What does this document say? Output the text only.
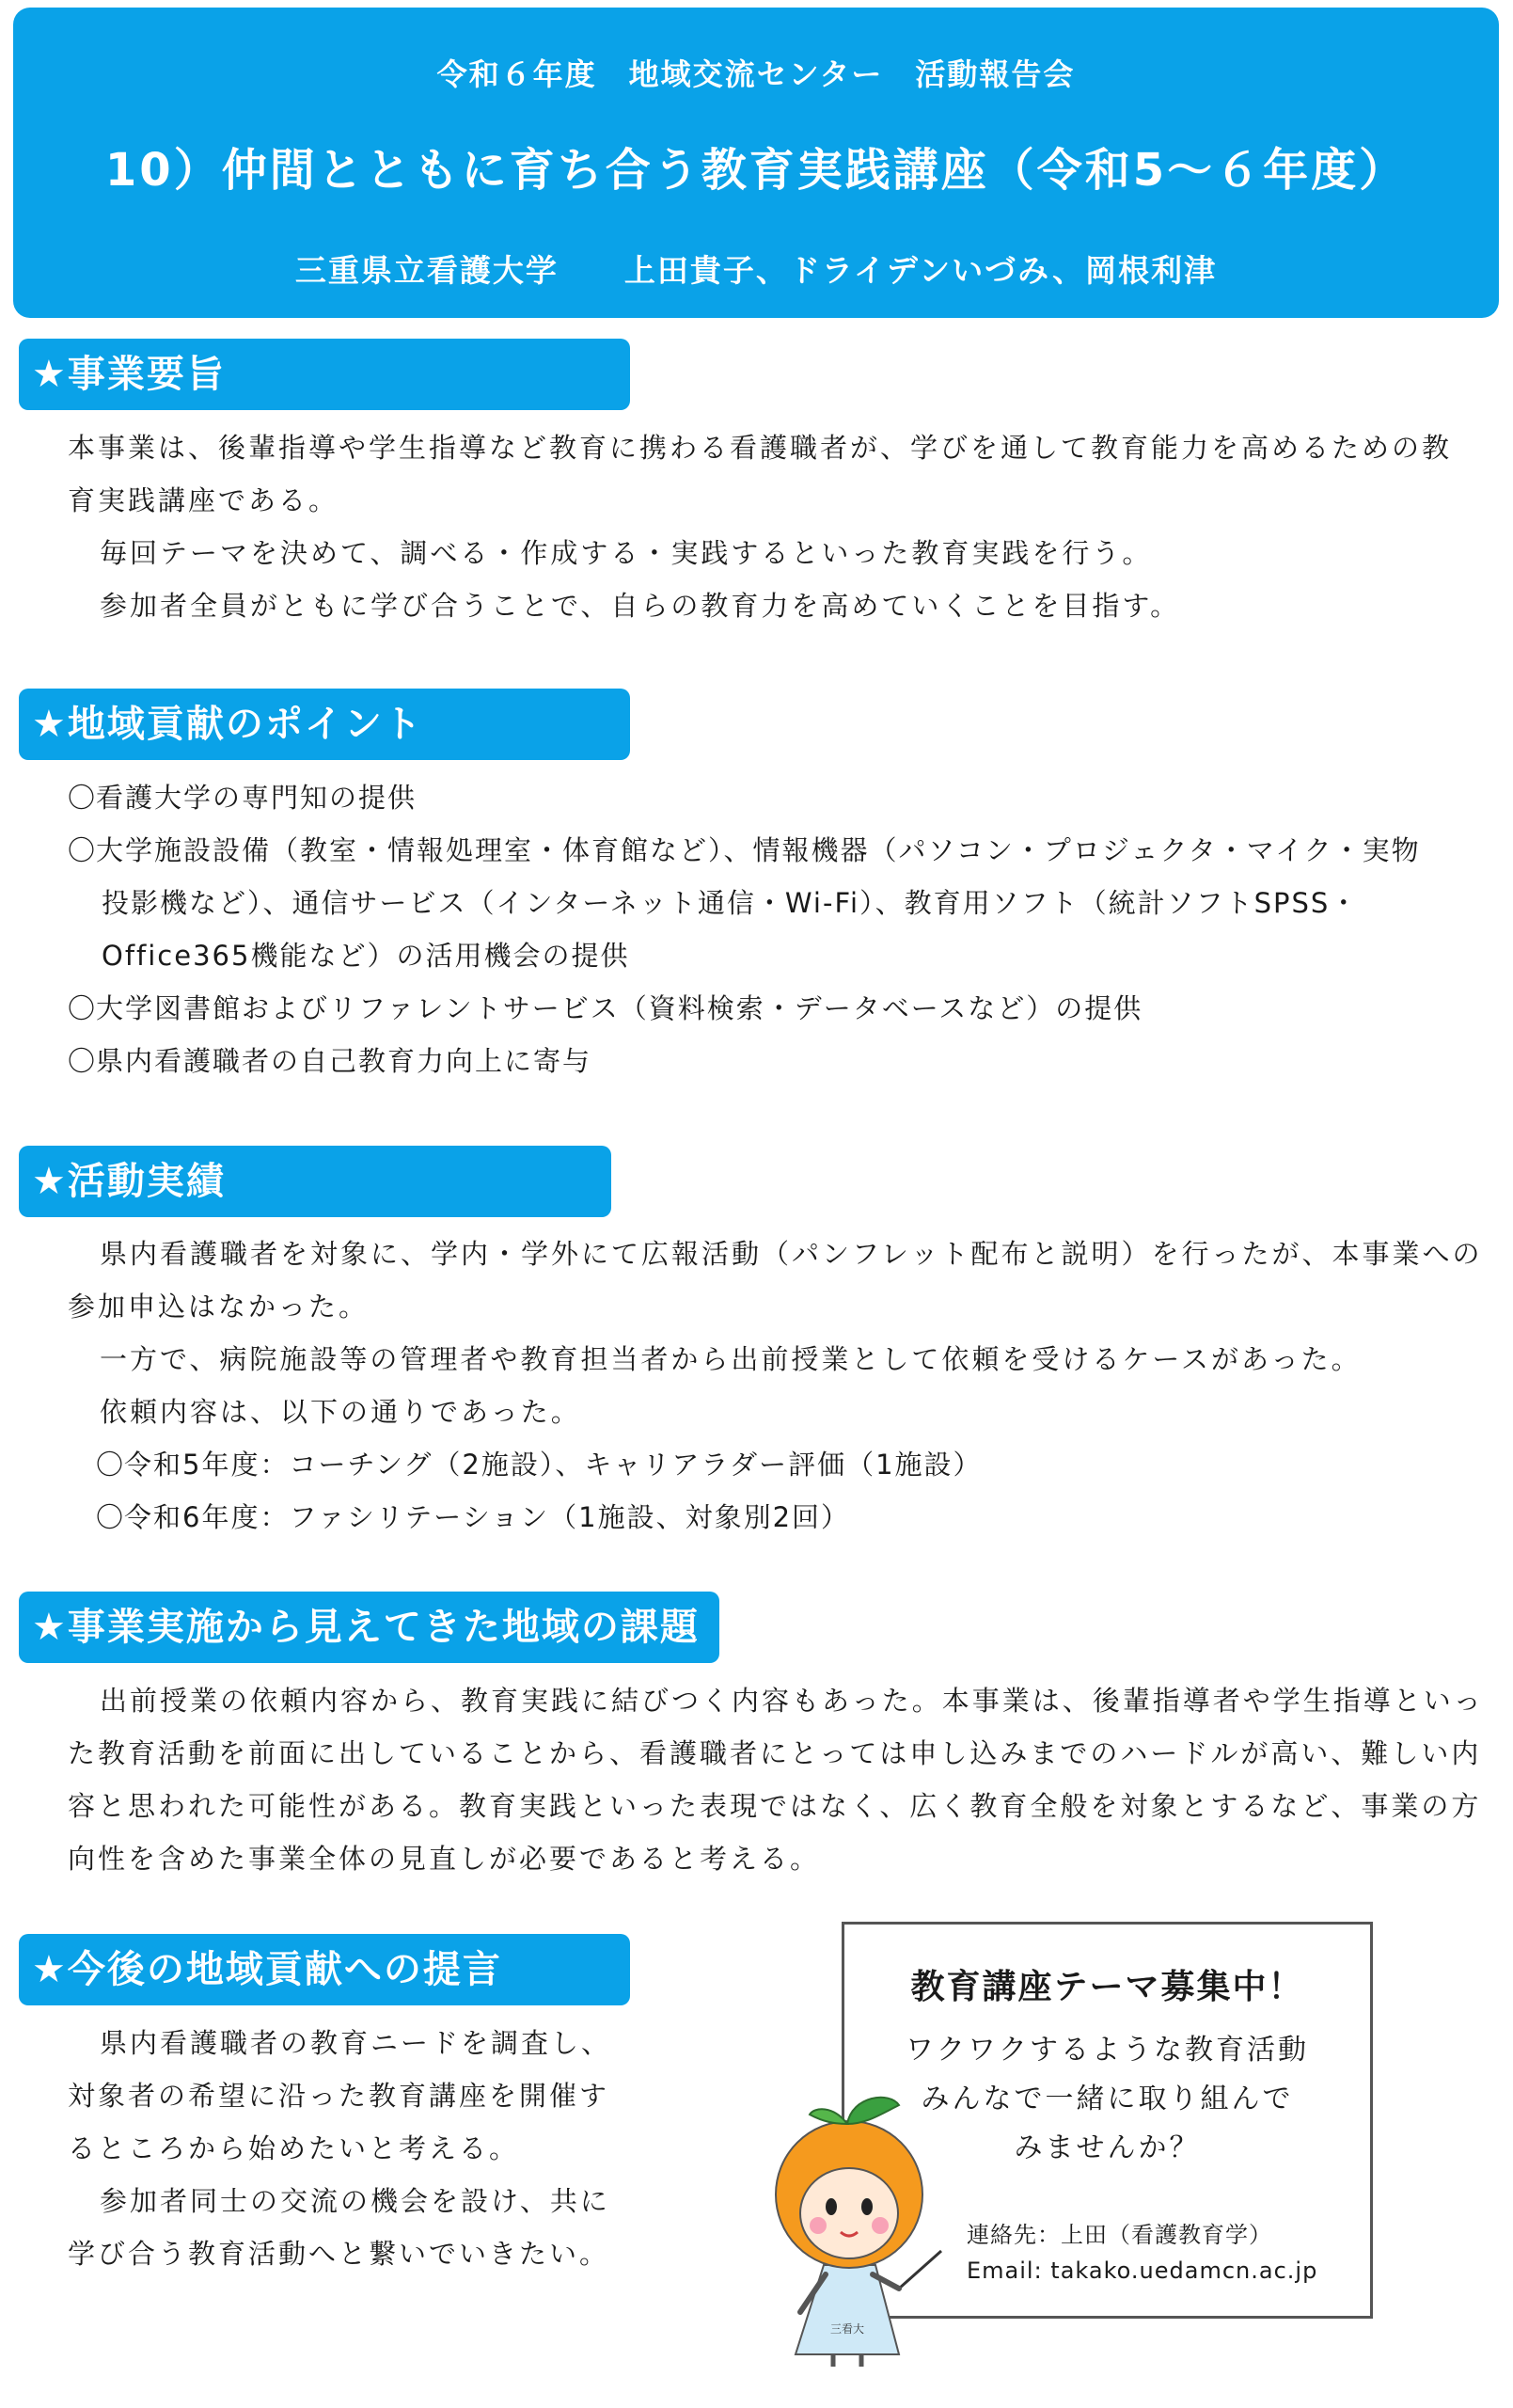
令和６年度　地域交流センター　活動報告会
10）仲間とともに育ち合う教育実践講座（令和5～６年度）
三重県立看護大学　　上田貴子、ドライデンいづみ、岡根利津
★事業要旨
本事業は、後輩指導や学生指導など教育に携わる看護職者が、学びを通して教育能力を高めるための教
育実践講座である。
毎回テーマを決めて、調べる・作成する・実践するといった教育実践を行う。
参加者全員がともに学び合うことで、自らの教育力を高めていくことを目指す。
★地域貢献のポイント
〇看護大学の専門知の提供
〇大学施設設備（教室・情報処理室・体育館など）、情報機器（パソコン・プロジェクタ・マイク・実物
投影機など）、通信サービス（インターネット通信・Wi-Fi）、教育用ソフト（統計ソフトSPSS・
Office365機能など）の活用機会の提供
〇大学図書館およびリファレントサービス（資料検索・データベースなど）の提供
〇県内看護職者の自己教育力向上に寄与
★活動実績
県内看護職者を対象に、学内・学外にて広報活動（パンフレット配布と説明）を行ったが、本事業への
参加申込はなかった。
一方で、病院施設等の管理者や教育担当者から出前授業として依頼を受けるケースがあった。
依頼内容は、以下の通りであった。
〇令和5年度：コーチング（2施設）、キャリアラダー評価（1施設）
〇令和6年度：ファシリテーション（1施設、対象別2回）
★事業実施から見えてきた地域の課題
出前授業の依頼内容から、教育実践に結びつく内容もあった。本事業は、後輩指導者や学生指導といっ
た教育活動を前面に出していることから、看護職者にとっては申し込みまでのハードルが高い、難しい内
容と思われた可能性がある。教育実践といった表現ではなく、広く教育全般を対象とするなど、事業の方
向性を含めた事業全体の見直しが必要であると考える。
★今後の地域貢献への提言
県内看護職者の教育ニードを調査し、
対象者の希望に沿った教育講座を開催す
るところから始めたいと考える。
参加者同士の交流の機会を設け、共に
学び合う教育活動へと繋いでいきたい。
教育講座テーマ募集中！
ワクワクするような教育活動
みんなで一緒に取り組んで
みませんか？
連絡先：上田（看護教育学）
Email: takako.uedamcn.ac.jp
三看大
